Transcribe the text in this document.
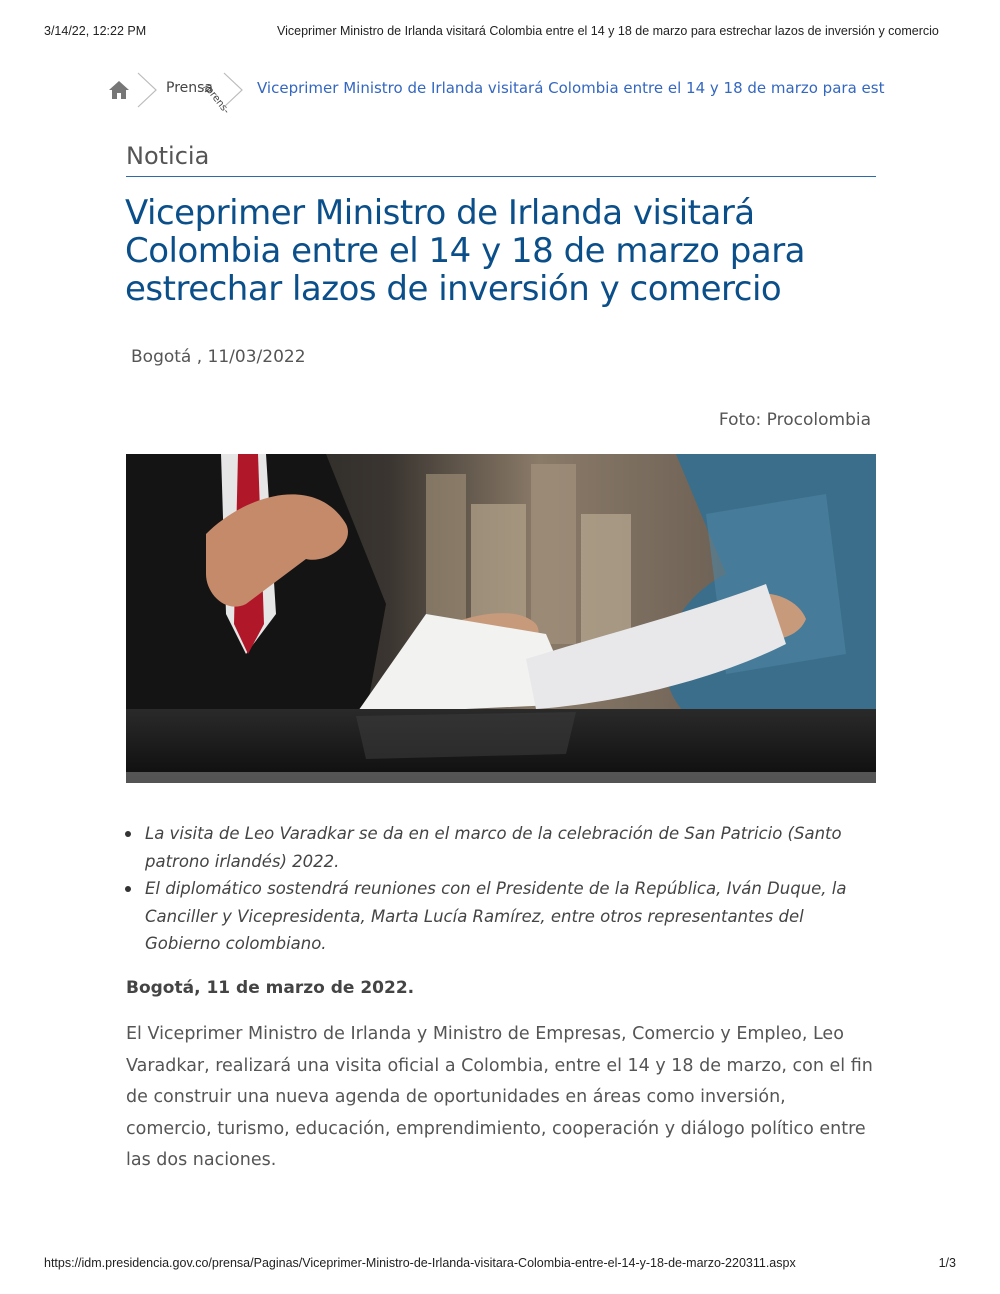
3/14/22, 12:22 PM	Viceprimer Ministro de Irlanda visitará Colombia entre el 14 y 18 de marzo para estrechar lazos de inversión y comercio
Prensa
/prens- Viceprimer Ministro de Irlanda visitará Colombia entre el 14 y 18 de marzo para est
Noticia
Viceprimer Ministro de Irlanda visitará Colombia entre el 14 y 18 de marzo para estrechar lazos de inversión y comercio
Bogotá , 11/03/2022
Foto: Procolombia
La visita de Leo Varadkar se da en el marco de la celebración de San Patricio (Santo patrono irlandés) 2022.
El diplomático sostendrá reuniones con el Presidente de la República, Iván Duque, la Canciller y Vicepresidenta, Marta Lucía Ramírez, entre otros representantes del Gobierno colombiano.
Bogotá, 11 de marzo de 2022.

El Viceprimer Ministro de Irlanda y Ministro de Empresas, Comercio y Empleo, Leo Varadkar, realizará una visita oficial a Colombia, entre el 14 y 18 de marzo, con el fin de construir una nueva agenda de oportunidades en áreas como inversión, comercio, turismo, educación, emprendimiento, cooperación y diálogo político entre las dos naciones.

https://idm.presidencia.gov.co/prensa/Paginas/Viceprimer-Ministro-de-Irlanda-visitara-Colombia-entre-el-14-y-18-de-marzo-220311.aspx	1/3
